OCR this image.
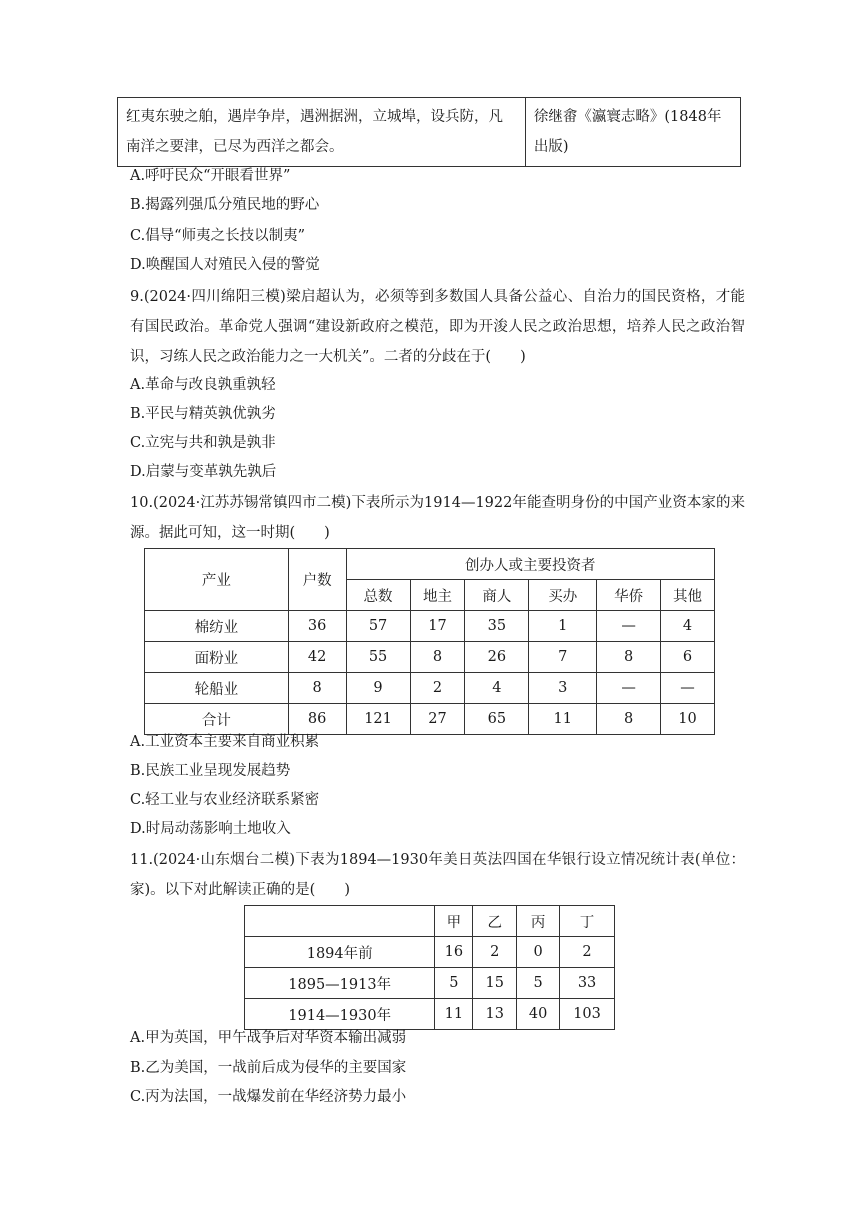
红夷东驶之舶，遇岸争岸，遇洲据洲，立城埠，设兵防，凡南洋之要津，已尽为西洋之都会。	徐继畬《瀛寰志略》(1848年出版)
A.呼吁民众“开眼看世界”
B.揭露列强瓜分殖民地的野心
C.倡导“师夷之长技以制夷”
D.唤醒国人对殖民入侵的警觉
9.(2024·四川绵阳三模)梁启超认为，必须等到多数国人具备公益心、自治力的国民资格，才能有国民政治。革命党人强调“建设新政府之模范，即为开浚人民之政治思想，培养人民之政治智识，习练人民之政治能力之一大机关”。二者的分歧在于(　　)
A.革命与改良孰重孰轻
B.平民与精英孰优孰劣
C.立宪与共和孰是孰非
D.启蒙与变革孰先孰后
10.(2024·江苏苏锡常镇四市二模)下表所示为1914—1922年能查明身份的中国产业资本家的来源。据此可知，这一时期(　　)
产业	户数	创办人或主要投资者					
		总数	地主	商人	买办	华侨	其他
棉纺业	36	57	17	35	1	—	4
面粉业	42	55	8	26	7	8	6
轮船业	8	9	2	4	3	—	—
合计	86	121	27	65	11	8	10
A.工业资本主要来自商业积累
B.民族工业呈现发展趋势
C.轻工业与农业经济联系紧密
D.时局动荡影响土地收入
11.(2024·山东烟台二模)下表为1894—1930年美日英法四国在华银行设立情况统计表(单位：家)。以下对此解读正确的是(　　)
	甲	乙	丙	丁
1894年前	16	2	0	2
1895—1913年	5	15	5	33
1914—1930年	11	13	40	103
A.甲为英国，甲午战争后对华资本输出减弱
B.乙为美国，一战前后成为侵华的主要国家
C.丙为法国，一战爆发前在华经济势力最小
